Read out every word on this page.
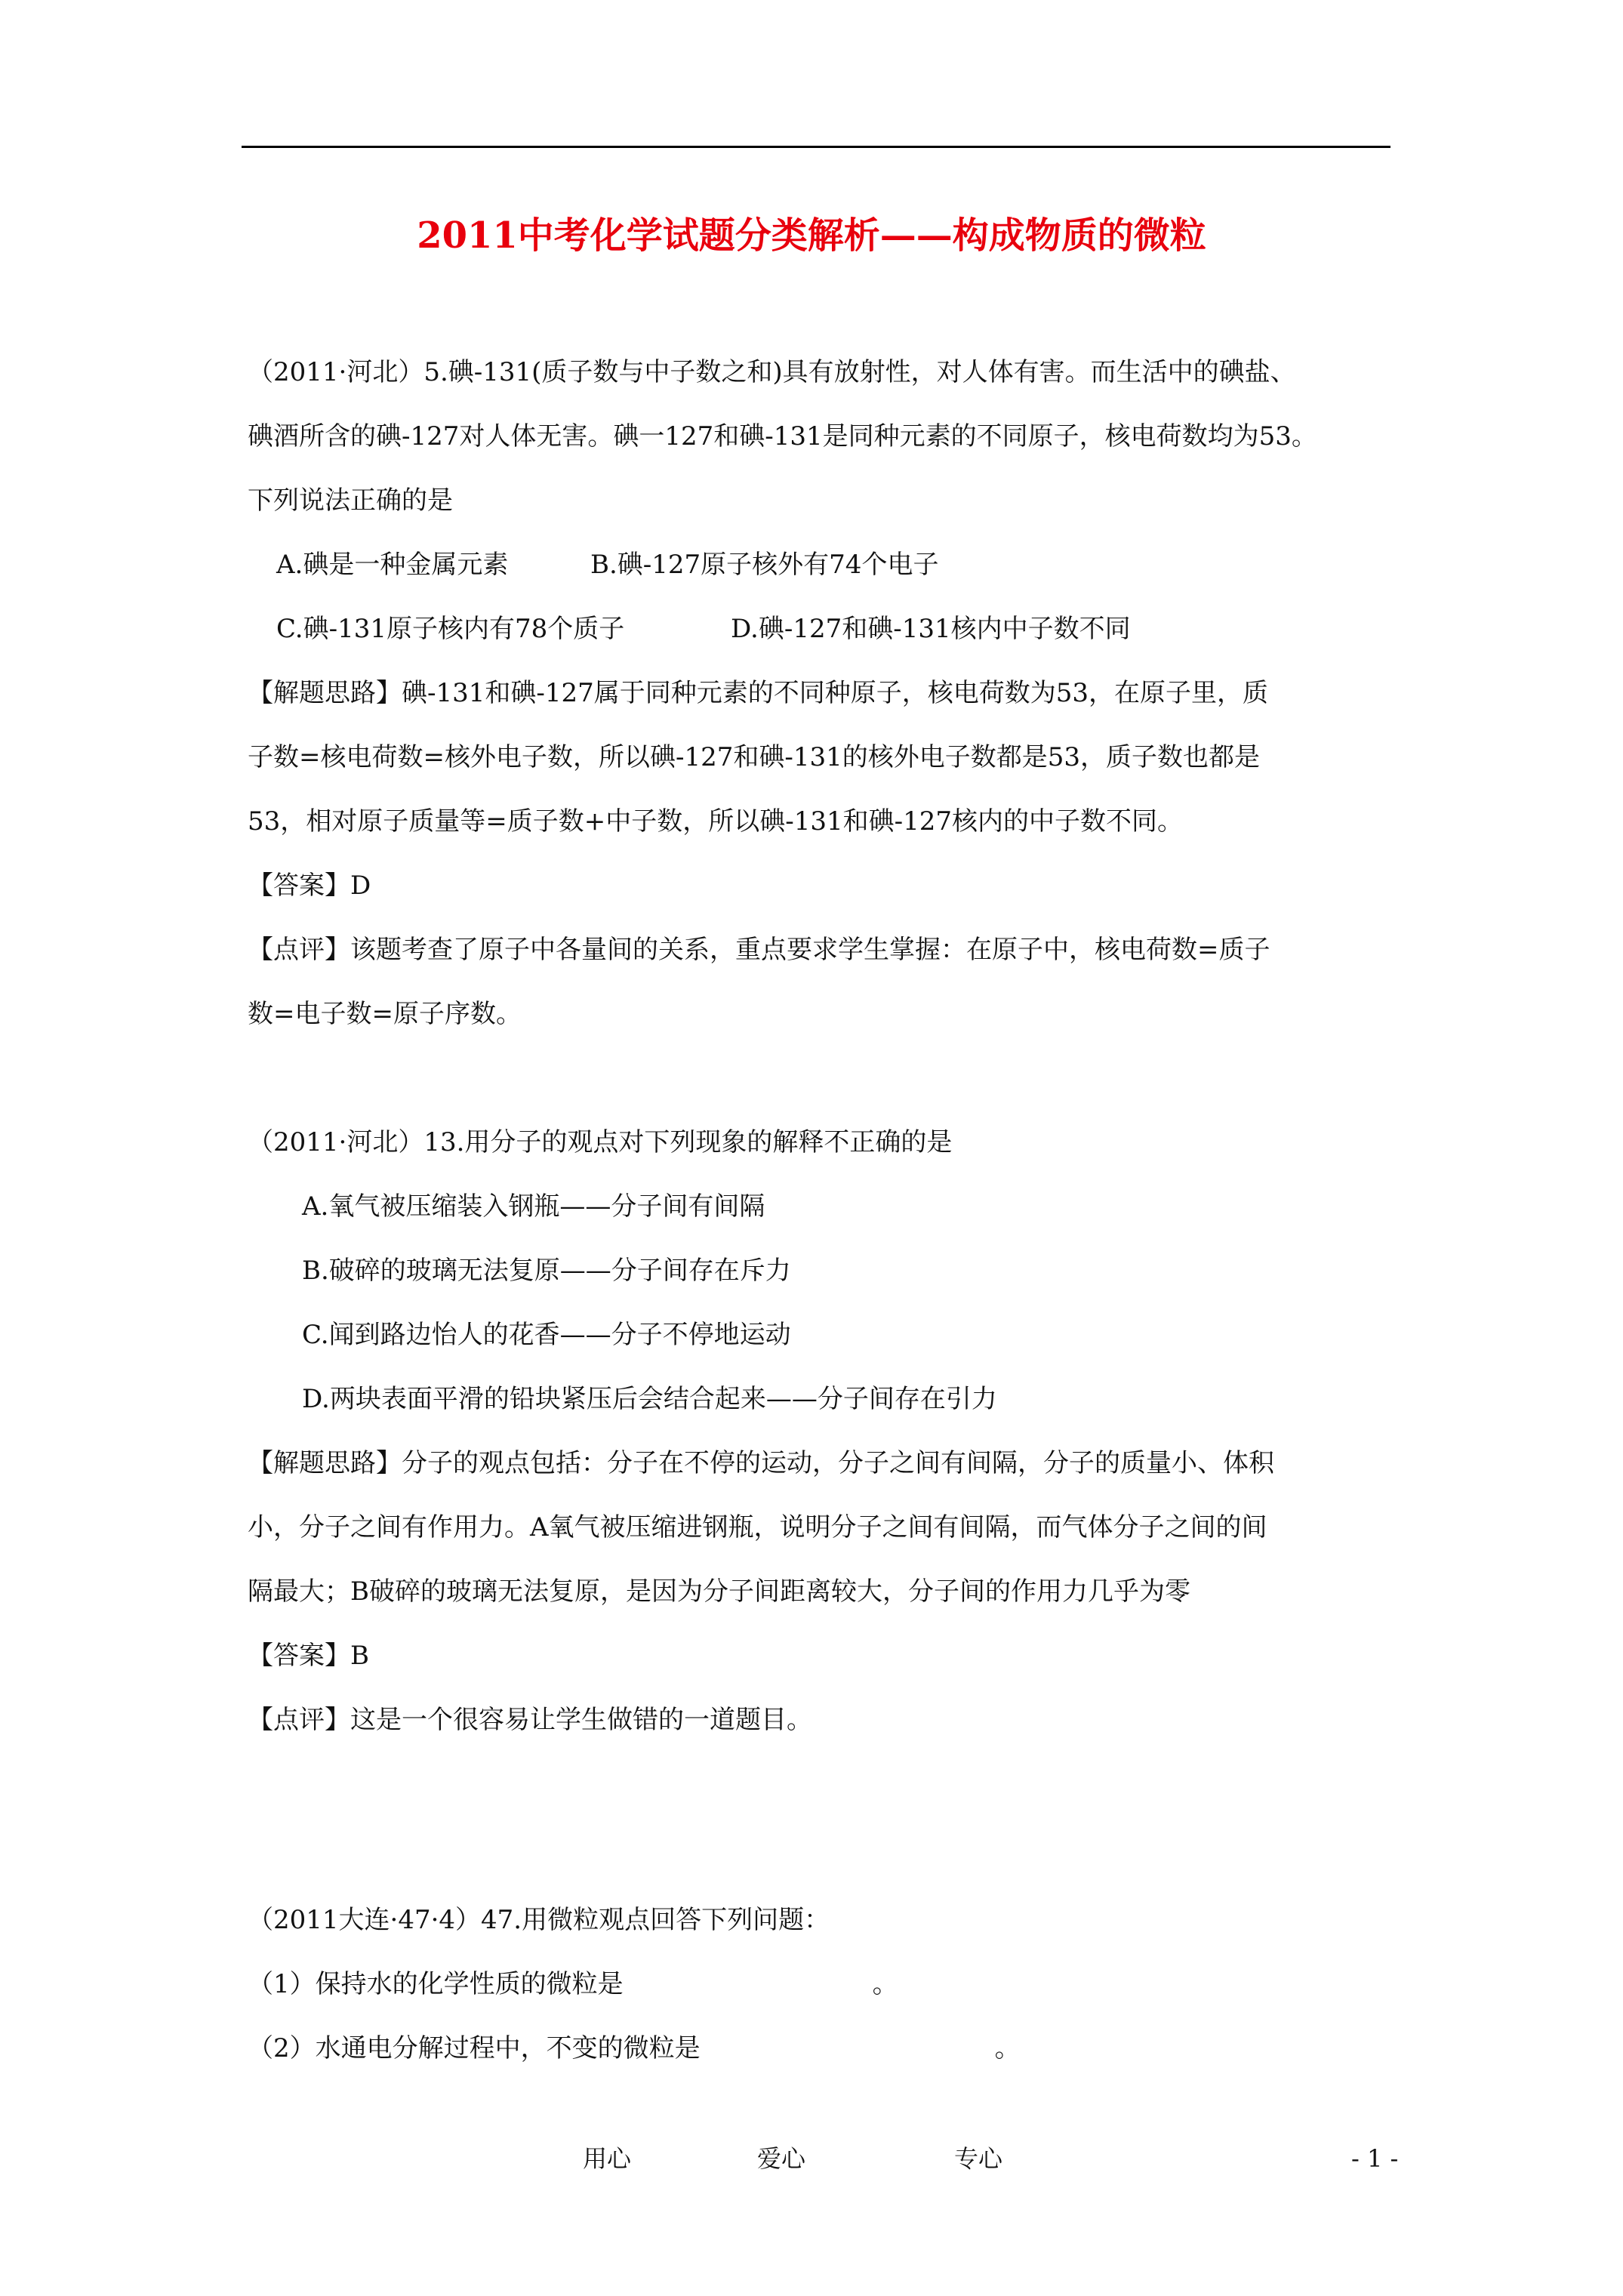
2011中考化学试题分类解析——构成物质的微粒
（2011·河北）5.碘-131(质子数与中子数之和)具有放射性，对人体有害。而生活中的碘盐、
碘酒所含的碘-127对人体无害。碘一127和碘-131是同种元素的不同原子，核电荷数均为53。
下列说法正确的是
A.碘是一种金属元素	B.碘-127原子核外有74个电子
C.碘-131原子核内有78个质子	D.碘-127和碘-131核内中子数不同
【解题思路】碘-131和碘-127属于同种元素的不同种原子，核电荷数为53，在原子里，质
子数=核电荷数=核外电子数，所以碘-127和碘-131的核外电子数都是53，质子数也都是
53，相对原子质量等=质子数+中子数，所以碘-131和碘-127核内的中子数不同。
【答案】D
【点评】该题考查了原子中各量间的关系，重点要求学生掌握：在原子中，核电荷数=质子
数=电子数=原子序数。
（2011·河北）13.用分子的观点对下列现象的解释不正确的是
A.氧气被压缩装入钢瓶——分子间有间隔
B.破碎的玻璃无法复原——分子间存在斥力
C.闻到路边怡人的花香——分子不停地运动
D.两块表面平滑的铅块紧压后会结合起来——分子间存在引力
【解题思路】分子的观点包括：分子在不停的运动，分子之间有间隔，分子的质量小、体积
小，分子之间有作用力。A氧气被压缩进钢瓶，说明分子之间有间隔，而气体分子之间的间
隔最大；B破碎的玻璃无法复原，是因为分子间距离较大，分子间的作用力几乎为零
【答案】B
【点评】这是一个很容易让学生做错的一道题目。
（2011大连·47·4）47.用微粒观点回答下列问题：
（1）保持水的化学性质的微粒是	。
（2）水通电分解过程中，不变的微粒是	。
用心	爱心	专心	- 1 -
